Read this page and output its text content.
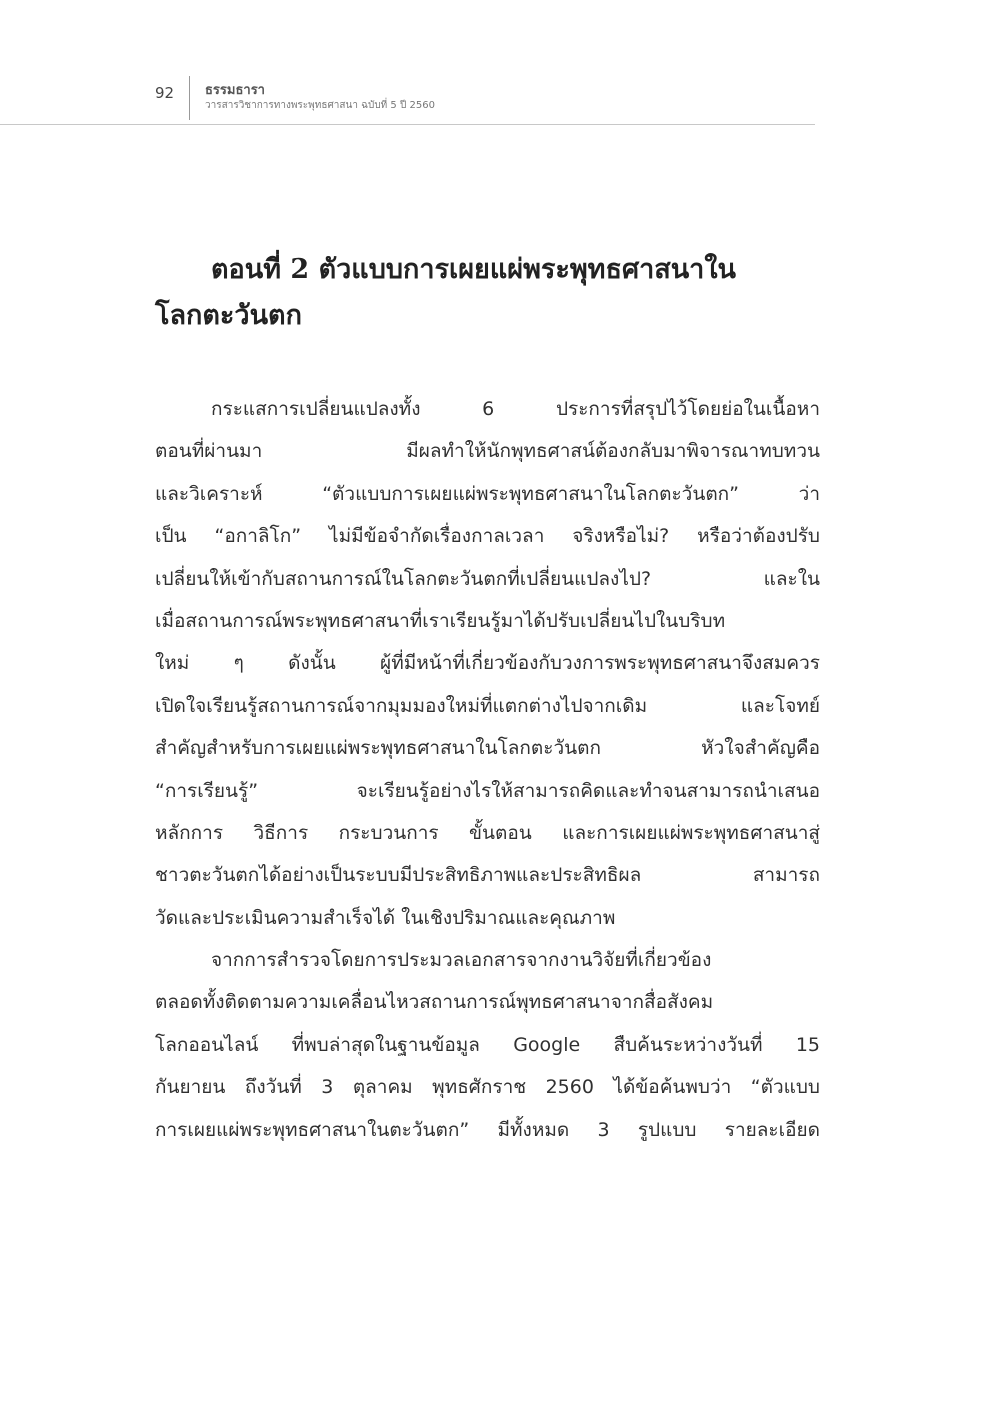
92 ธรรมธารา
วารสารวิชาการทางพระพุทธศาสนา ฉบับที่ 5 ปี 2560
ตอนที่ 2 ตัวแบบการเผยแผ่พระพุทธศาสนาใน
โลกตะวันตก
กระแสการเปลี่ยนแปลงทั้ง 6 ประการที่สรุปไว้โดยย่อในเนื้อหา
ตอนที่ผ่านมา มีผลทำให้นักพุทธศาสน์ต้องกลับมาพิจารณาทบทวน
และวิเคราะห์ “ตัวแบบการเผยแผ่พระพุทธศาสนาในโลกตะวันตก” ว่า
เป็น “อกาลิโก” ไม่มีข้อจำกัดเรื่องกาลเวลา จริงหรือไม่? หรือว่าต้องปรับ
เปลี่ยนให้เข้ากับสถานการณ์ในโลกตะวันตกที่เปลี่ยนแปลงไป? และใน
เมื่อสถานการณ์พระพุทธศาสนาที่เราเรียนรู้มาได้ปรับเปลี่ยนไปในบริบท
ใหม่ ๆ ดังนั้น ผู้ที่มีหน้าที่เกี่ยวข้องกับวงการพระพุทธศาสนาจึงสมควร
เปิดใจเรียนรู้สถานการณ์จากมุมมองใหม่ที่แตกต่างไปจากเดิม และโจทย์
สำคัญสำหรับการเผยแผ่พระพุทธศาสนาในโลกตะวันตก หัวใจสำคัญคือ
“การเรียนรู้” จะเรียนรู้อย่างไรให้สามารถคิดและทำจนสามารถนำเสนอ
หลักการ วิธีการ กระบวนการ ขั้นตอน และการเผยแผ่พระพุทธศาสนาสู่
ชาวตะวันตกได้อย่างเป็นระบบมีประสิทธิภาพและประสิทธิผล สามารถ
วัดและประเมินความสำเร็จได้ ในเชิงปริมาณและคุณภาพ
จากการสำรวจโดยการประมวลเอกสารจากงานวิจัยที่เกี่ยวข้อง
ตลอดทั้งติดตามความเคลื่อนไหวสถานการณ์พุทธศาสนาจากสื่อสังคม
โลกออนไลน์ ที่พบล่าสุดในฐานข้อมูล Google สืบค้นระหว่างวันที่ 15
กันยายน ถึงวันที่ 3 ตุลาคม พุทธศักราช 2560 ได้ข้อค้นพบว่า “ตัวแบบ
การเผยแผ่พระพุทธศาสนาในตะวันตก” มีทั้งหมด 3 รูปแบบ รายละเอียด
